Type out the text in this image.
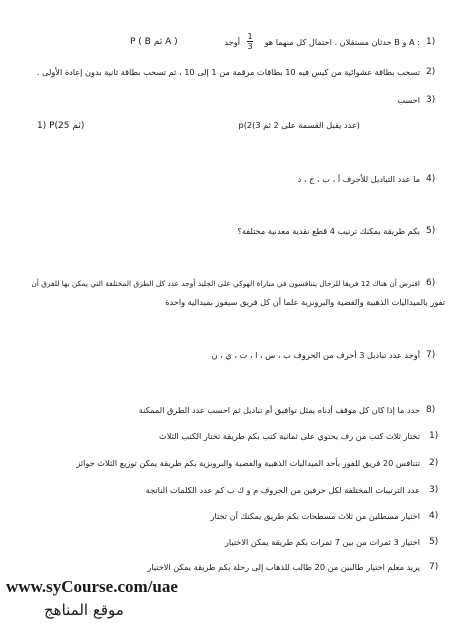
1)
: A و B حدثان مستقلان . احتمال كل منهما هو
1
3
أوجد
P ( B ثم A )
2)
تسحب بطاقة عشوائية من كيس فيه 10 بطاقات مرقمة من 1 إلى 10 ، ثم تسحب بطاقة ثانية بدون إعادة الأولى .
3)
احسب
1) P(2ثم 5)	(عدد يقبل القسمة على 2 ثم 3)p(2
4)
ما عدد التباديل للأحرف أ ، ب ، ج ، د
5)
بكم طريقة يمكنك ترتيب 4 قطع نقدية معدنية مختلفة؟
6)
افترض أن هناك 12 فريقا للرجال يتنافسون في مباراة الهوكي على الجليد أوجد عدد كل الطرق المختلفة التي يمكن بها للفرق أن
تفوز بالميداليات الذهبية والفضية والبرونزية علما أن كل فريق سيفوز بميدالية واحدة
7)
أوجد عدد تباديل 3 أحرف من الحروف ب ، س ، ا ، ت ، ي ، ن
8)
حدد ما إذا كان كل موقف أدناه يمثل توافيق أم تباديل ثم احسب عدد الطرق الممكنة
1)
تختار ثلاث كتب من رف يحتوي على ثمانية كتب بكم طريقة تختار الكتب الثلاث
2)
تتنافس 20 فريق للفوز بأحد الميداليات الذهبية والفضية والبرونزية بكم طريقة يمكن توزيع الثلاث جوائز
3)
عدد الترتيبات المختلفة لكل حرفين من الحروف م و ك ب كم عدد الكلمات الناتجة
4)
اختيار مسطلين من ثلاث مسطحات بكم طريق يمكنك أن تختار
5)
اختيار 3 ثمرات من بين 7 ثمرات بكم طريقة يمكن الاختيار
7)
يريد معلم اختيار طالبين من 20 طالب للذهاب إلى رحلة بكم طريقة يمكن الاختيار
www.syCourse.com/uae
موقع المناهج
